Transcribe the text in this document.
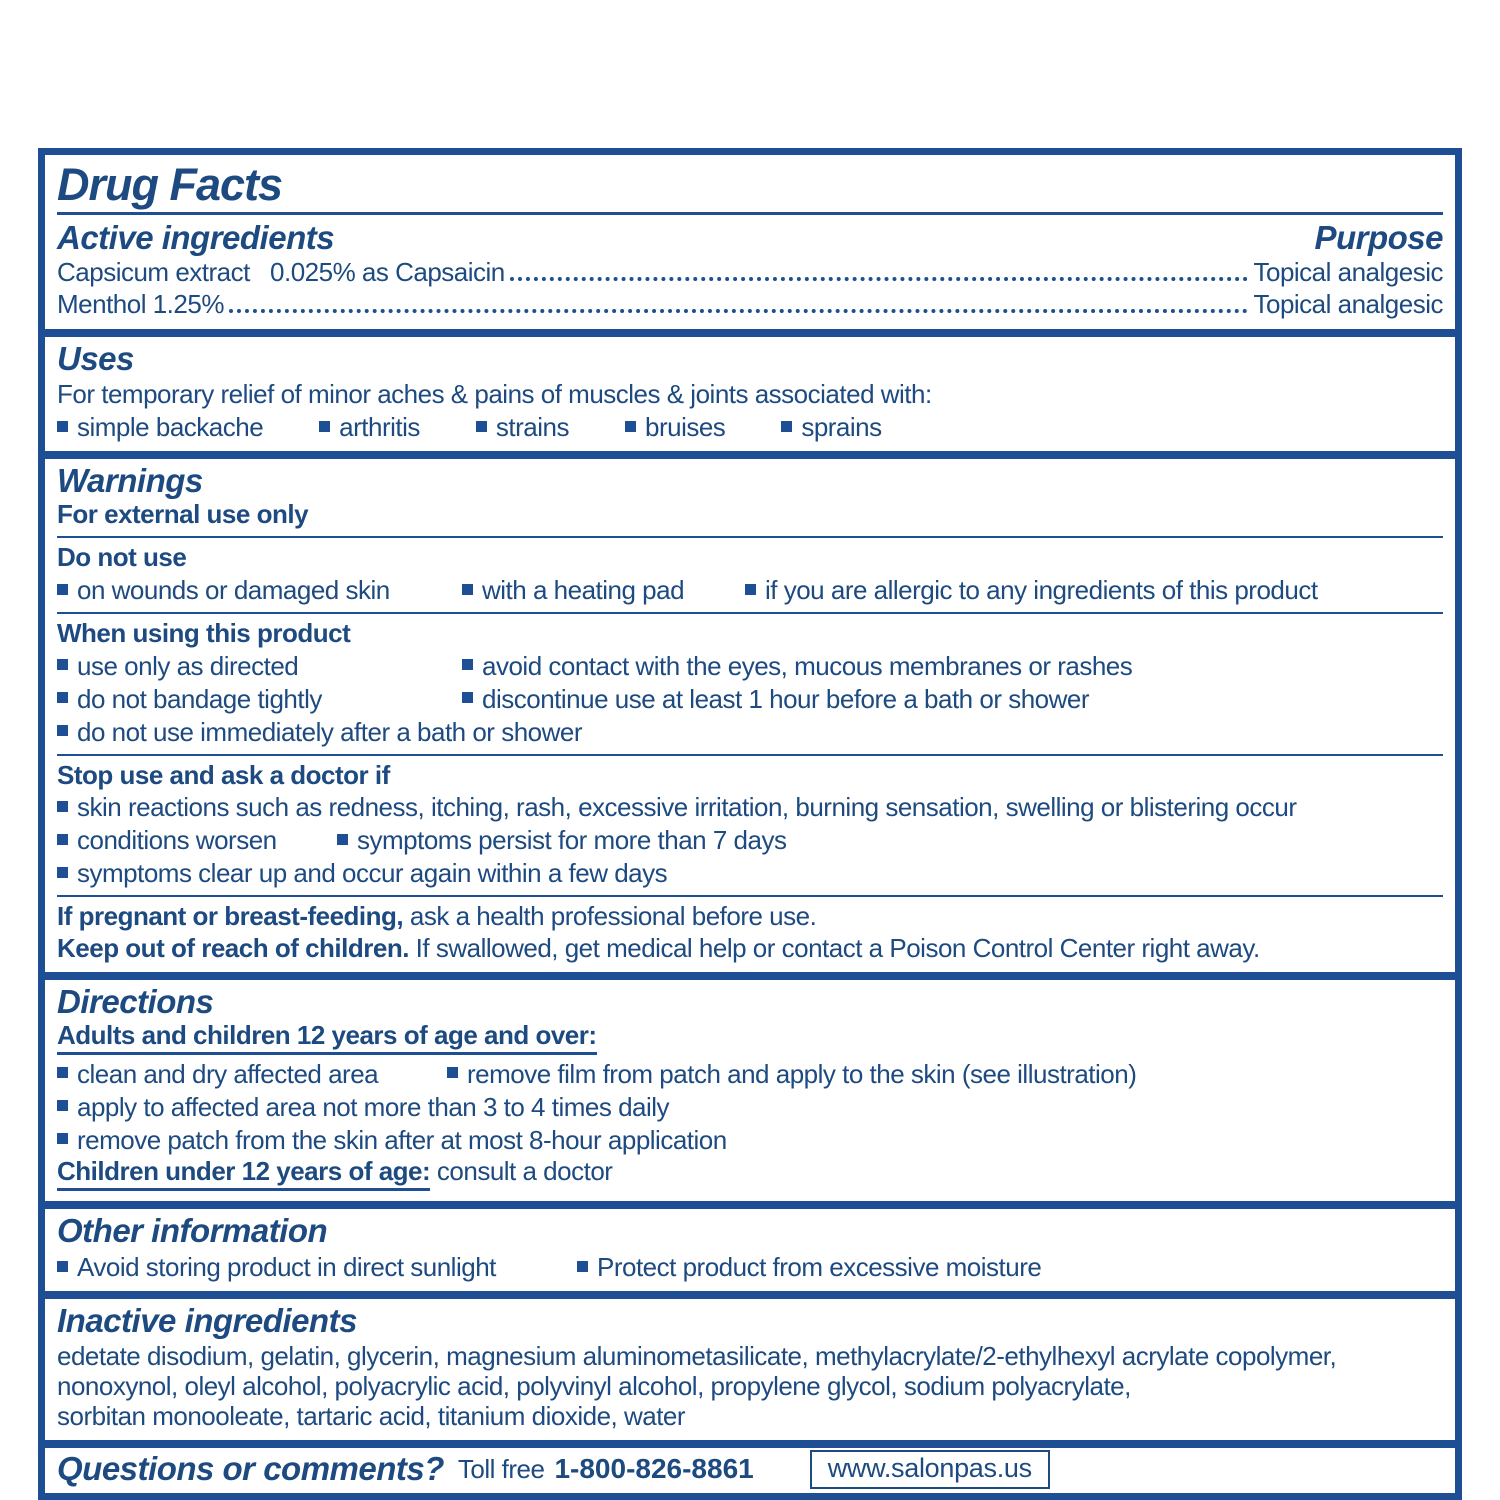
Drug Facts
Active ingredients	Purpose
Capsicum extract   0.025% as Capsaicin	Topical analgesic
Menthol 1.25%	Topical analgesic
Uses
For temporary relief of minor aches & pains of muscles & joints associated with:
simple backache	arthritis	strains	bruises	sprains
Warnings
For external use only
Do not use
on wounds or damaged skin	with a heating pad	if you are allergic to any ingredients of this product
When using this product
use only as directed	avoid contact with the eyes, mucous membranes or rashes
do not bandage tightly	discontinue use at least 1 hour before a bath or shower
do not use immediately after a bath or shower
Stop use and ask a doctor if
skin reactions such as redness, itching, rash, excessive irritation, burning sensation, swelling or blistering occur
conditions worsen	symptoms persist for more than 7 days
symptoms clear up and occur again within a few days
If pregnant or breast-feeding, ask a health professional before use.
Keep out of reach of children. If swallowed, get medical help or contact a Poison Control Center right away.
Directions
Adults and children 12 years of age and over:
clean and dry affected area	remove film from patch and apply to the skin (see illustration)
apply to affected area not more than 3 to 4 times daily
remove patch from the skin after at most 8-hour application
Children under 12 years of age: consult a doctor
Other information
Avoid storing product in direct sunlight	Protect product from excessive moisture
Inactive ingredients
edetate disodium, gelatin, glycerin, magnesium aluminometasilicate, methylacrylate/2-ethylhexyl acrylate copolymer,
nonoxynol, oleyl alcohol, polyacrylic acid, polyvinyl alcohol, propylene glycol, sodium polyacrylate,
sorbitan monooleate, tartaric acid, titanium dioxide, water
Questions or comments? Toll free 1-800-826-8861	www.salonpas.us
